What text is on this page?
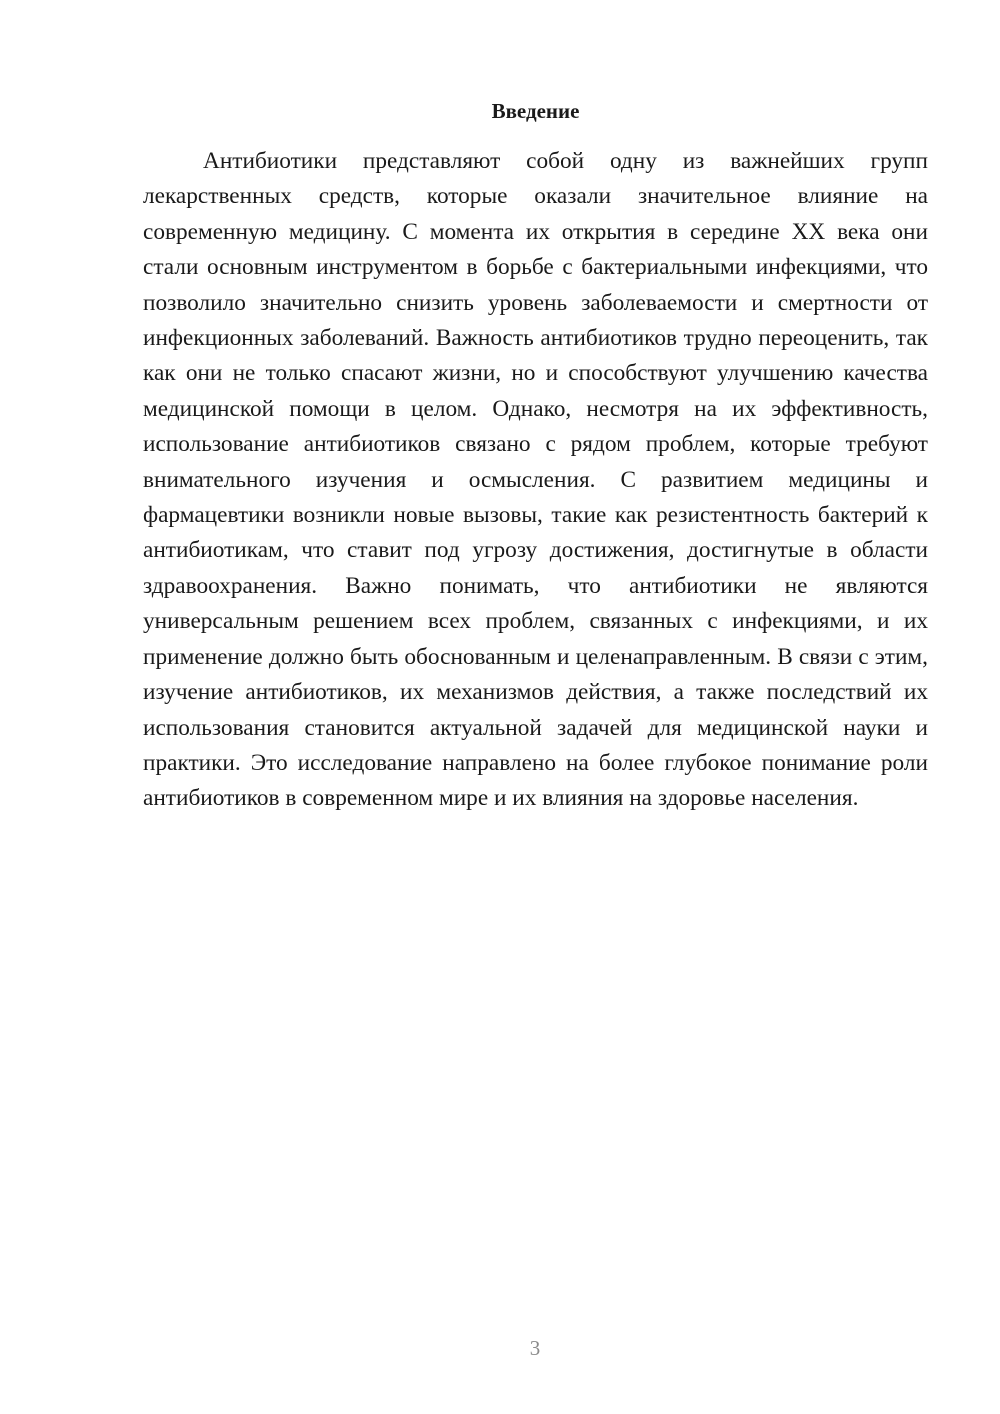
Введение

Антибиотики представляют собой одну из важнейших групп лекарственных средств, которые оказали значительное влияние на современную медицину. С момента их открытия в середине XX века они стали основным инструментом в борьбе с бактериальными инфекциями, что позволило значительно снизить уровень заболеваемости и смертности от инфекционных заболеваний. Важность антибиотиков трудно переоценить, так как они не только спасают жизни, но и способствуют улучшению качества медицинской помощи в целом. Однако, несмотря на их эффективность, использование антибиотиков связано с рядом проблем, которые требуют внимательного изучения и осмысления. С развитием медицины и фармацевтики возникли новые вызовы, такие как резистентность бактерий к антибиотикам, что ставит под угрозу достижения, достигнутые в области здравоохранения. Важно понимать, что антибиотики не являются универсальным решением всех проблем, связанных с инфекциями, и их применение должно быть обоснованным и целенаправленным. В связи с этим, изучение антибиотиков, их механизмов действия, а также последствий их использования становится актуальной задачей для медицинской науки и практики. Это исследование направлено на более глубокое понимание роли антибиотиков в современном мире и их влияния на здоровье населения.

3
